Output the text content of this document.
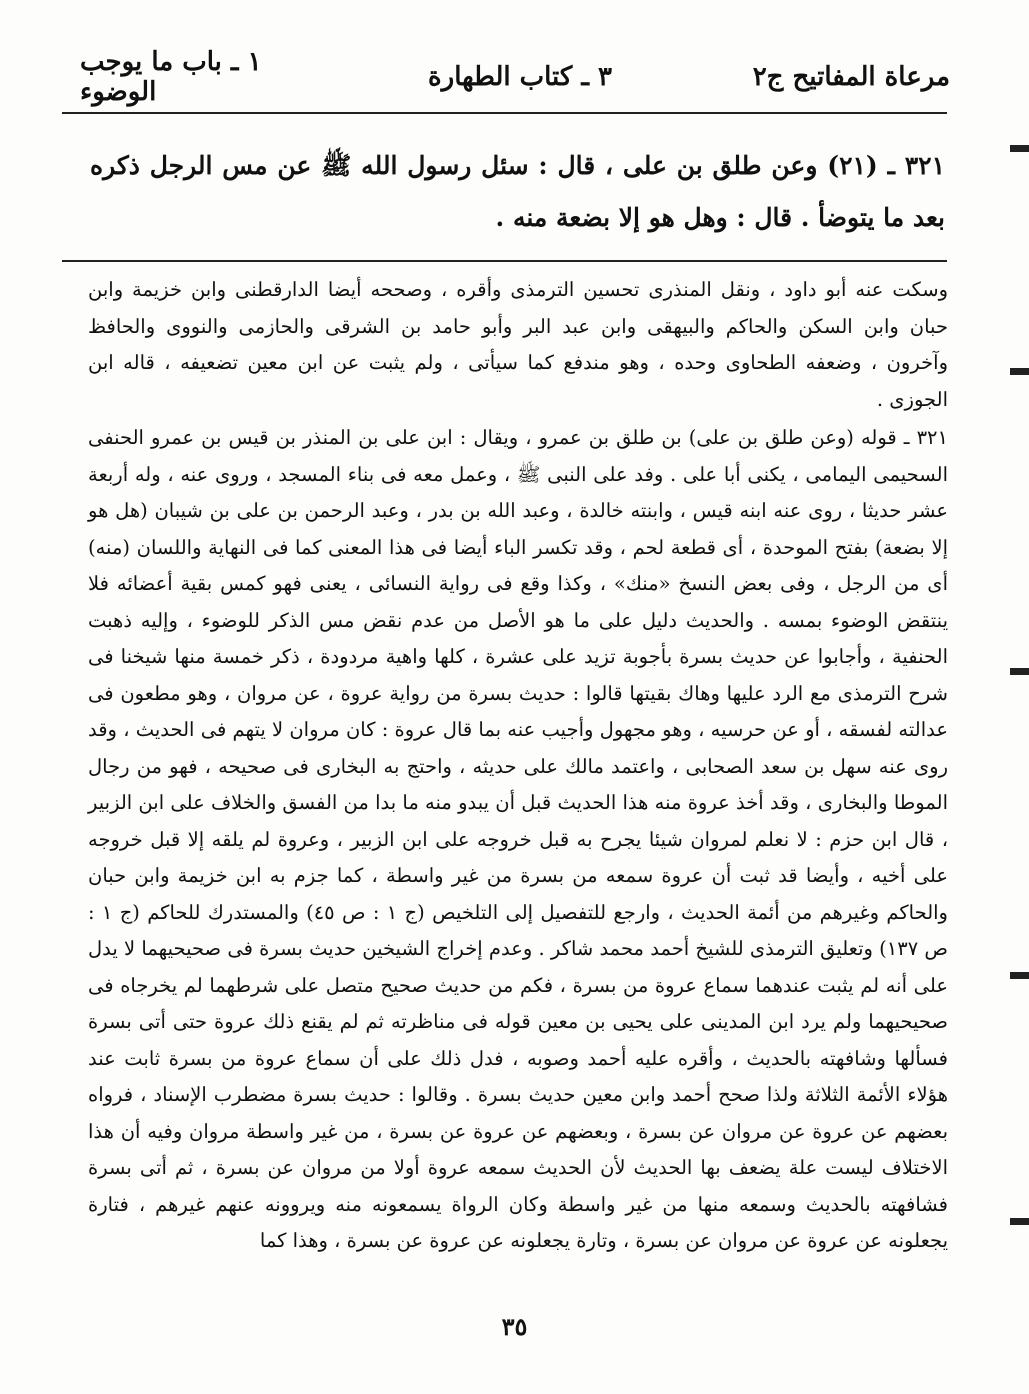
مرعاة المفاتيح ج٢
٣ ـ كتاب الطهارة
١ ـ باب ما يوجب الوضوء
٣٢١ ـ (٢١) وعن طلق بن على ، قال : سئل رسول الله ﷺ عن مس الرجل ذكره بعد ما يتوضأ . قال : وهل هو إلا بضعة منه .

وسكت عنه أبو داود ، ونقل المنذرى تحسين الترمذى وأقره ، وصححه أيضا الدارقطنى وابن خزيمة وابن حبان وابن السكن والحاكم والبيهقى وابن عبد البر وأبو حامد بن الشرقى والحازمى والنووى والحافظ وآخرون ، وضعفه الطحاوى وحده ، وهو مندفع كما سيأتى ، ولم يثبت عن ابن معين تضعيفه ، قاله ابن الجوزى .

٣٢١ ـ قوله (وعن طلق بن على) بن طلق بن عمرو ، ويقال : ابن على بن المنذر بن قيس بن عمرو الحنفى السحيمى اليمامى ، يكنى أبا على . وفد على النبى ﷺ ، وعمل معه فى بناء المسجد ، وروى عنه ، وله أربعة عشر حديثا ، روى عنه ابنه قيس ، وابنته خالدة ، وعبد الله بن بدر ، وعبد الرحمن بن على بن شيبان (هل هو إلا بضعة) بفتح الموحدة ، أى قطعة لحم ، وقد تكسر الباء أيضا فى هذا المعنى كما فى النهاية واللسان (منه) أى من الرجل ، وفى بعض النسخ «منك» ، وكذا وقع فى رواية النسائى ، يعنى فهو كمس بقية أعضائه فلا ينتقض الوضوء بمسه . والحديث دليل على ما هو الأصل من عدم نقض مس الذكر للوضوء ، وإليه ذهبت الحنفية ، وأجابوا عن حديث بسرة بأجوبة تزيد على عشرة ، كلها واهية مردودة ، ذكر خمسة منها شيخنا فى شرح الترمذى مع الرد عليها وهاك بقيتها قالوا : حديث بسرة من رواية عروة ، عن مروان ، وهو مطعون فى عدالته لفسقه ، أو عن حرسيه ، وهو مجهول وأجيب عنه بما قال عروة : كان مروان لا يتهم فى الحديث ، وقد روى عنه سهل بن سعد الصحابى ، واعتمد مالك على حديثه ، واحتج به البخارى فى صحيحه ، فهو من رجال الموطا والبخارى ، وقد أخذ عروة منه هذا الحديث قبل أن يبدو منه ما بدا من الفسق والخلاف على ابن الزبير ، قال ابن حزم : لا نعلم لمروان شيئا يجرح به قبل خروجه على ابن الزبير ، وعروة لم يلقه إلا قبل خروجه على أخيه ، وأيضا قد ثبت أن عروة سمعه من بسرة من غير واسطة ، كما جزم به ابن خزيمة وابن حبان والحاكم وغيرهم من أئمة الحديث ، وارجع للتفصيل إلى التلخيص (ج ١ : ص ٤٥) والمستدرك للحاكم (ج ١ : ص ١٣٧) وتعليق الترمذى للشيخ أحمد محمد شاكر . وعدم إخراج الشيخين حديث بسرة فى صحيحيهما لا يدل على أنه لم يثبت عندهما سماع عروة من بسرة ، فكم من حديث صحيح متصل على شرطهما لم يخرجاه فى صحيحيهما ولم يرد ابن المدينى على يحيى بن معين قوله فى مناظرته ثم لم يقنع ذلك عروة حتى أتى بسرة فسألها وشافهته بالحديث ، وأقره عليه أحمد وصوبه ، فدل ذلك على أن سماع عروة من بسرة ثابت عند هؤلاء الأئمة الثلاثة ولذا صحح أحمد وابن معين حديث بسرة . وقالوا : حديث بسرة مضطرب الإسناد ، فرواه بعضهم عن عروة عن مروان عن بسرة ، وبعضهم عن عروة عن بسرة ، من غير واسطة مروان وفيه أن هذا الاختلاف ليست علة يضعف بها الحديث لأن الحديث سمعه عروة أولا من مروان عن بسرة ، ثم أتى بسرة فشافهته بالحديث وسمعه منها من غير واسطة وكان الرواة يسمعونه منه ويروونه عنهم غيرهم ، فتارة يجعلونه عن عروة عن مروان عن بسرة ، وتارة يجعلونه عن عروة عن بسرة ، وهذا كما

٣٥
